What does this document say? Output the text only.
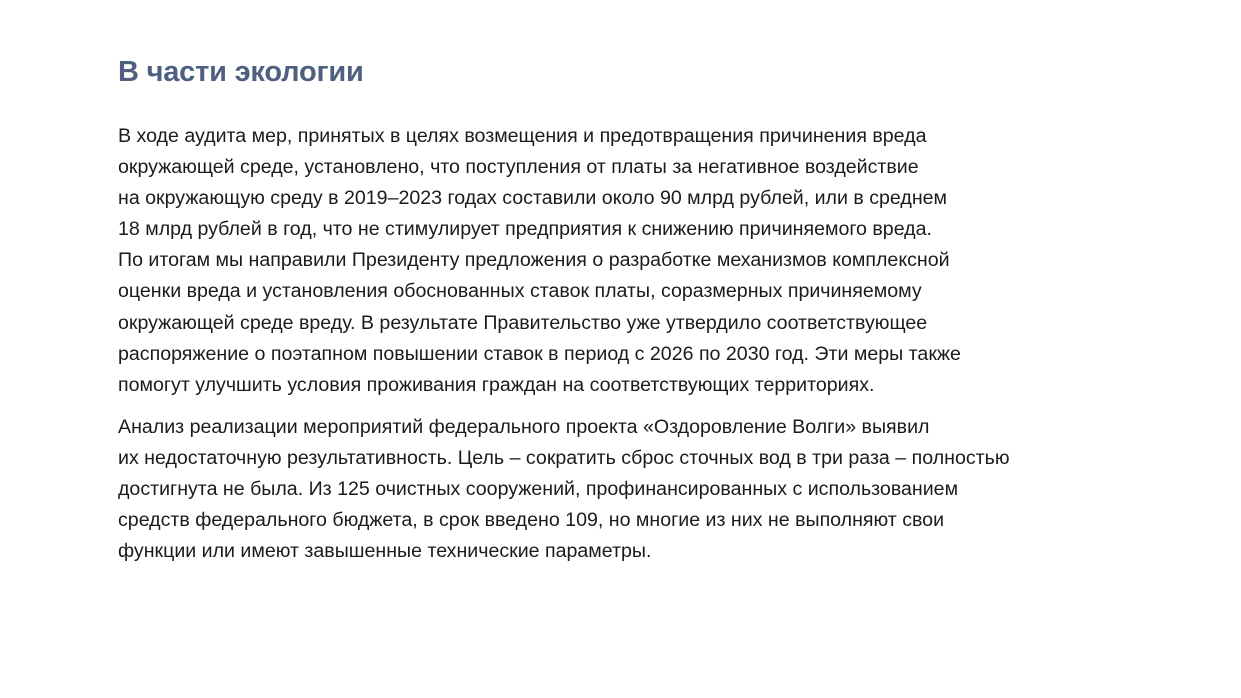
В части экологии

В ходе аудита мер, принятых в целях возмещения и предотвращения причинения вреда
окружающей среде, установлено, что поступления от платы за негативное воздействие
на окружающую среду в 2019–2023 годах составили около 90 млрд рублей, или в среднем
18 млрд рублей в год, что не стимулирует предприятия к снижению причиняемого вреда.
По итогам мы направили Президенту предложения о разработке механизмов комплексной
оценки вреда и установления обоснованных ставок платы, соразмерных причиняемому
окружающей среде вреду. В результате Правительство уже утвердило соответствующее
распоряжение о поэтапном повышении ставок в период с 2026 по 2030 год. Эти меры также
помогут улучшить условия проживания граждан на соответствующих территориях.

Анализ реализации мероприятий федерального проекта «Оздоровление Волги» выявил
их недостаточную результативность. Цель – сократить сброс сточных вод в три раза – полностью
достигнута не была. Из 125 очистных сооружений, профинансированных с использованием
средств федерального бюджета, в срок введено 109, но многие из них не выполняют свои
функции или имеют завышенные технические параметры.
